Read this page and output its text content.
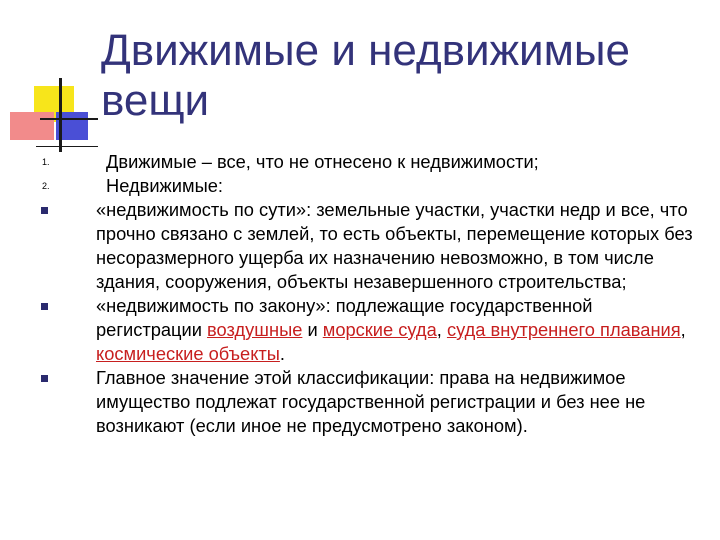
Движимые и недвижимые вещи
1.	Движимые – все, что не отнесено к недвижимости;
2.	Недвижимые:
«недвижимость по сути»: земельные участки, участки недр и все, что прочно связано с землей, то есть объекты, перемещение которых без несоразмерного ущерба их назначению невозможно, в том числе здания, сооружения, объекты незавершенного строительства;
«недвижимость по закону»: подлежащие государственной регистрации воздушные и морские суда, суда внутреннего плавания, космические объекты.
Главное значение этой классификации: права на недвижимое имущество подлежат государственной регистрации и без нее не возникают (если иное не предусмотрено законом).
